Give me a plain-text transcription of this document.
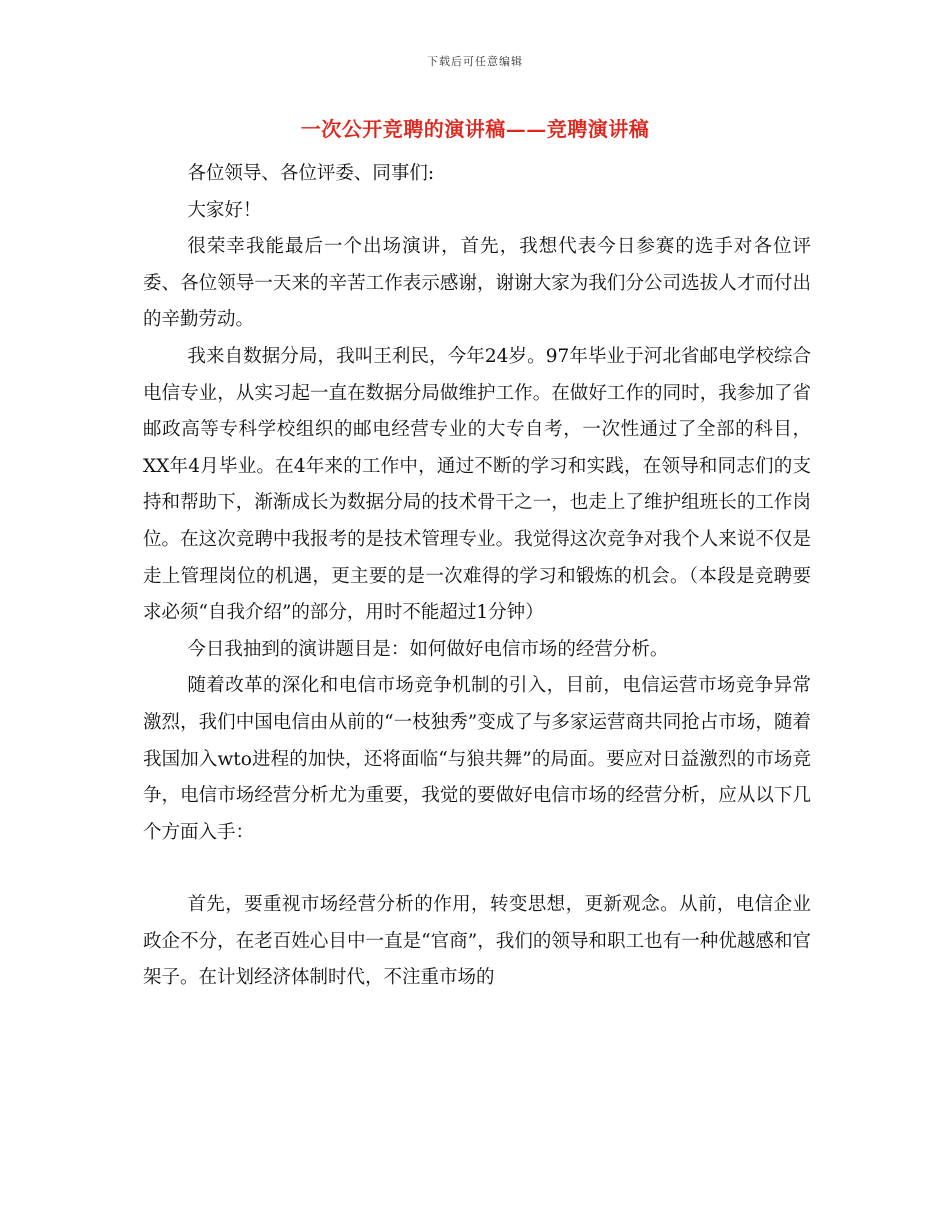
下载后可任意编辑
一次公开竞聘的演讲稿——竞聘演讲稿

各位领导、各位评委、同事们:

大家好！

很荣幸我能最后一个出场演讲，首先，我想代表今日参赛的选手对各位评委、各位领导一天来的辛苦工作表示感谢，谢谢大家为我们分公司选拔人才而付出的辛勤劳动。

我来自数据分局，我叫王利民，今年24岁。97年毕业于河北省邮电学校综合电信专业，从实习起一直在数据分局做维护工作。在做好工作的同时，我参加了省邮政高等专科学校组织的邮电经营专业的大专自考，一次性通过了全部的科目，XX年4月毕业。在4年来的工作中，通过不断的学习和实践，在领导和同志们的支持和帮助下，渐渐成长为数据分局的技术骨干之一，也走上了维护组班长的工作岗位。在这次竞聘中我报考的是技术管理专业。我觉得这次竞争对我个人来说不仅是走上管理岗位的机遇，更主要的是一次难得的学习和锻炼的机会。（本段是竞聘要求必须“自我介绍”的部分，用时不能超过1分钟）

今日我抽到的演讲题目是：如何做好电信市场的经营分析。

随着改革的深化和电信市场竞争机制的引入，目前，电信运营市场竞争异常激烈，我们中国电信由从前的“一枝独秀”变成了与多家运营商共同抢占市场，随着我国加入wto进程的加快，还将面临“与狼共舞”的局面。要应对日益激烈的市场竞争，电信市场经营分析尤为重要，我觉的要做好电信市场的经营分析，应从以下几个方面入手：

首先，要重视市场经营分析的作用，转变思想，更新观念。从前，电信企业政企不分，在老百姓心目中一直是“官商”，我们的领导和职工也有一种优越感和官架子。在计划经济体制时代，不注重市场的
